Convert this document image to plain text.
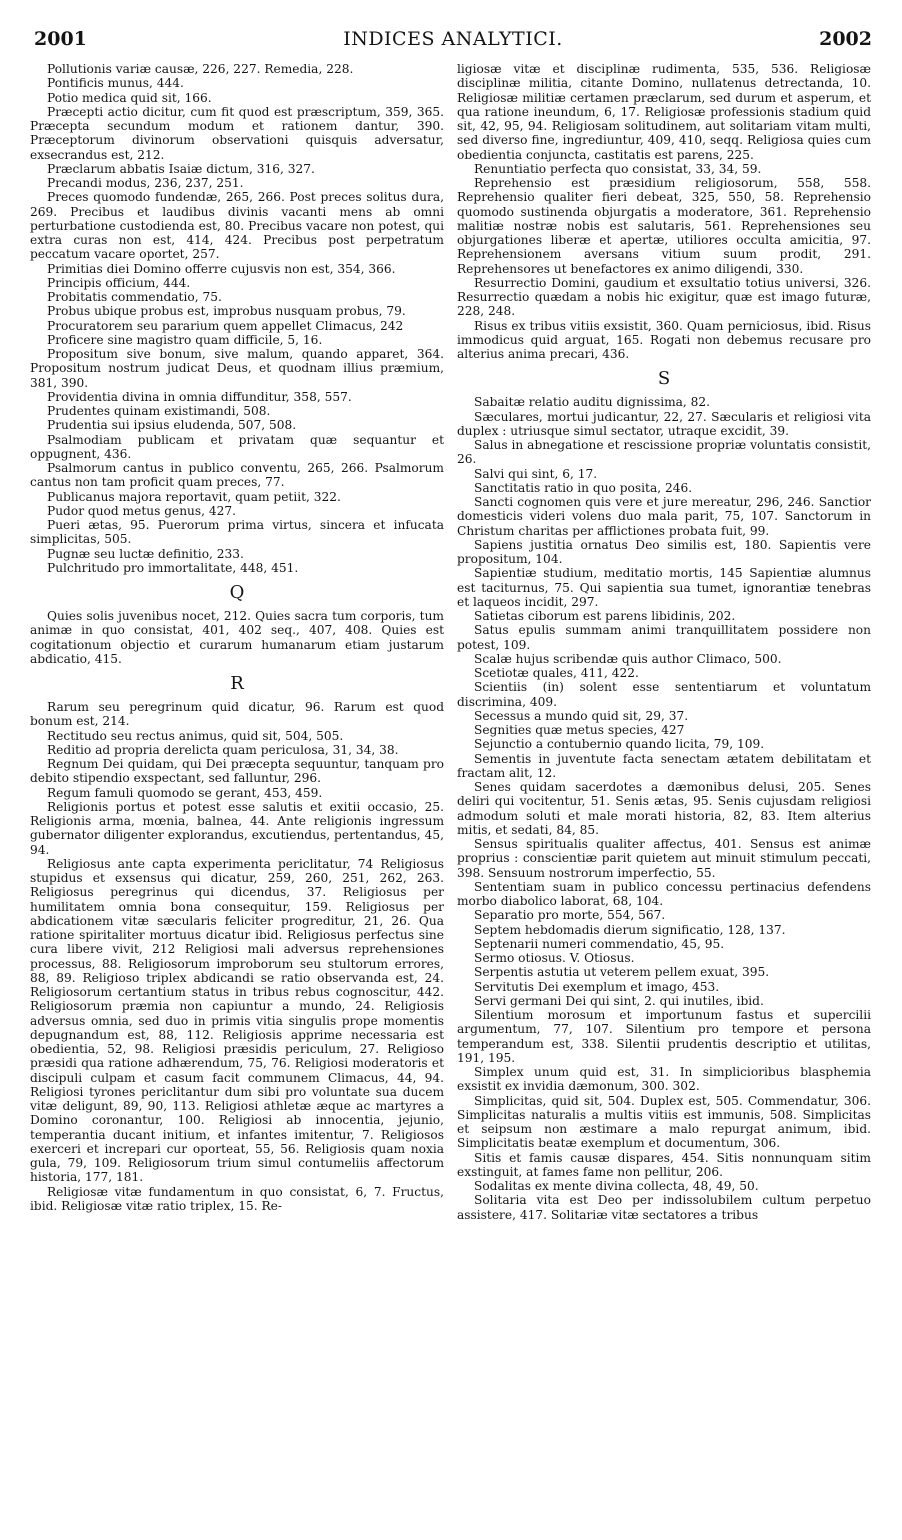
2001	INDICES ANALYTICI.	2002

Pollutionis variæ causæ, 226, 227. Remedia, 228.

Pontificis munus, 444.

Potio medica quid sit, 166.

Præcepti actio dicitur, cum fit quod est præscriptum, 359, 365. Præcepta secundum modum et rationem dantur, 390. Præceptorum divinorum observationi quisquis adversatur, exsecrandus est, 212.

Præclarum abbatis Isaiæ dictum, 316, 327.

Precandi modus, 236, 237, 251.

Preces quomodo fundendæ, 265, 266. Post preces solitus dura, 269. Precibus et laudibus divinis vacanti mens ab omni perturbatione custodienda est, 80. Precibus vacare non potest, qui extra curas non est, 414, 424. Precibus post perpetratum peccatum vacare oportet, 257.

Primitias diei Domino offerre cujusvis non est, 354, 366.

Principis officium, 444.

Probitatis commendatio, 75.

Probus ubique probus est, improbus nusquam probus, 79.

Procuratorem seu pararium quem appellet Climacus, 242

Proficere sine magistro quam difficile, 5, 16.

Propositum sive bonum, sive malum, quando apparet, 364. Propositum nostrum judicat Deus, et quodnam illius præmium, 381, 390.

Providentia divina in omnia diffunditur, 358, 557.

Prudentes quinam existimandi, 508.

Prudentia sui ipsius eludenda, 507, 508.

Psalmodiam publicam et privatam quæ sequantur et oppugnent, 436.

Psalmorum cantus in publico conventu, 265, 266. Psalmorum cantus non tam proficit quam preces, 77.

Publicanus majora reportavit, quam petiit, 322.

Pudor quod metus genus, 427.

Pueri ætas, 95. Puerorum prima virtus, sincera et infucata simplicitas, 505.

Pugnæ seu luctæ definitio, 233.

Pulchritudo pro immortalitate, 448, 451.

Q

Quies solis juvenibus nocet, 212. Quies sacra tum corporis, tum animæ in quo consistat, 401, 402 seq., 407, 408. Quies est cogitationum objectio et curarum humanarum etiam justarum abdicatio, 415.

R

Rarum seu peregrinum quid dicatur, 96. Rarum est quod bonum est, 214.

Rectitudo seu rectus animus, quid sit, 504, 505.

Reditio ad propria derelicta quam periculosa, 31, 34, 38.

Regnum Dei quidam, qui Dei præcepta sequuntur, tanquam pro debito stipendio exspectant, sed falluntur, 296.

Regum famuli quomodo se gerant, 453, 459.

Religionis portus et potest esse salutis et exitii occasio, 25. Religionis arma, mœnia, balnea, 44. Ante religionis ingressum gubernator diligenter explorandus, excutiendus, pertentandus, 45, 94.

Religiosus ante capta experimenta periclitatur, 74 Religiosus stupidus et exsensus qui dicatur, 259, 260, 251, 262, 263. Religiosus peregrinus qui dicendus, 37. Religiosus per humilitatem omnia bona consequitur, 159. Religiosus per abdicationem vitæ sæcularis feliciter progreditur, 21, 26. Qua ratione spiritaliter mortuus dicatur ibid. Religiosus perfectus sine cura libere vivit, 212 Religiosi mali adversus reprehensiones processus, 88. Religiosorum improborum seu stultorum errores, 88, 89. Religioso triplex abdicandi se ratio observanda est, 24. Religiosorum certantium status in tribus rebus cognoscitur, 442. Religiosorum præmia non capiuntur a mundo, 24. Religiosis adversus omnia, sed duo in primis vitia singulis prope momentis depugnandum est, 88, 112. Religiosis apprime necessaria est obedientia, 52, 98. Religiosi præsidis periculum, 27. Religioso præsidi qua ratione adhærendum, 75, 76. Religiosi moderatoris et discipuli culpam et casum facit communem Climacus, 44, 94. Religiosi tyrones periclitantur dum sibi pro voluntate sua ducem vitæ deligunt, 89, 90, 113. Religiosi athletæ æque ac martyres a Domino coronantur, 100. Religiosi ab innocentia, jejunio, temperantia ducant initium, et infantes imitentur, 7. Religiosos exerceri et increpari cur oporteat, 55, 56. Religiosis quam noxia gula, 79, 109. Religiosorum trium simul contumeliis affectorum historia, 177, 181.

Religiosæ vitæ fundamentum in quo consistat, 6, 7. Fructus, ibid. Religiosæ vitæ ratio triplex, 15. Re-

ligiosæ vitæ et disciplinæ rudimenta, 535, 536. Religiosæ disciplinæ militia, citante Domino, nullatenus detrectanda, 10. Religiosæ militiæ certamen præclarum, sed durum et asperum, et qua ratione ineundum, 6, 17. Religiosæ professionis stadium quid sit, 42, 95, 94. Religiosam solitudinem, aut solitariam vitam multi, sed diverso fine, ingrediuntur, 409, 410, seqq. Religiosa quies cum obedientia conjuncta, castitatis est parens, 225.

Renuntiatio perfecta quo consistat, 33, 34, 59.

Reprehensio est præsidium religiosorum, 558, 558. Reprehensio qualiter fieri debeat, 325, 550, 58. Reprehensio quomodo sustinenda objurgatis a moderatore, 361. Reprehensio malitiæ nostræ nobis est salutaris, 561. Reprehensiones seu objurgationes liberæ et apertæ, utiliores occulta amicitia, 97. Reprehensionem aversans vitium suum prodit, 291. Reprehensores ut benefactores ex animo diligendi, 330.

Resurrectio Domini, gaudium et exsultatio totius universi, 326. Resurrectio quædam a nobis hic exigitur, quæ est imago futuræ, 228, 248.

Risus ex tribus vitiis exsistit, 360. Quam perniciosus, ibid. Risus immodicus quid arguat, 165. Rogati non debemus recusare pro alterius anima precari, 436.

S

Sabaitæ relatio auditu dignissima, 82.

Sæculares, mortui judicantur, 22, 27. Sæcularis et religiosi vita duplex : utriusque simul sectator, utraque excidit, 39.

Salus in abnegatione et rescissione propriæ voluntatis consistit, 26.

Salvi qui sint, 6, 17.

Sanctitatis ratio in quo posita, 246.

Sancti cognomen quis vere et jure mereatur, 296, 246. Sanctior domesticis videri volens duo mala parit, 75, 107. Sanctorum in Christum charitas per afflictiones probata fuit, 99.

Sapiens justitia ornatus Deo similis est, 180. Sapientis vere propositum, 104.

Sapientiæ studium, meditatio mortis, 145 Sapientiæ alumnus est taciturnus, 75. Qui sapientia sua tumet, ignorantiæ tenebras et laqueos incidit, 297.

Satietas ciborum est parens libidinis, 202.

Satus epulis summam animi tranquillitatem possidere non potest, 109.

Scalæ hujus scribendæ quis author Climaco, 500.

Scetiotæ quales, 411, 422.

Scientiis (in) solent esse sententiarum et voluntatum discrimina, 409.

Secessus a mundo quid sit, 29, 37.

Segnities quæ metus species, 427

Sejunctio a contubernio quando licita, 79, 109.

Sementis in juventute facta senectam ætatem debilitatam et fractam alit, 12.

Senes quidam sacerdotes a dæmonibus delusi, 205. Senes deliri qui vocitentur, 51. Senis ætas, 95. Senis cujusdam religiosi admodum soluti et male morati historia, 82, 83. Item alterius mitis, et sedati, 84, 85.

Sensus spiritualis qualiter affectus, 401. Sensus est animæ proprius : conscientiæ parit quietem aut minuit stimulum peccati, 398. Sensuum nostrorum imperfectio, 55.

Sententiam suam in publico concessu pertinacius defendens morbo diabolico laborat, 68, 104.

Separatio pro morte, 554, 567.

Septem hebdomadis dierum significatio, 128, 137.

Septenarii numeri commendatio, 45, 95.

Sermo otiosus. V. Otiosus.

Serpentis astutia ut veterem pellem exuat, 395.

Servitutis Dei exemplum et imago, 453.

Servi germani Dei qui sint, 2. qui inutiles, ibid.

Silentium morosum et importunum fastus et supercilii argumentum, 77, 107. Silentium pro tempore et persona temperandum est, 338. Silentii prudentis descriptio et utilitas, 191, 195.

Simplex unum quid est, 31. In simplicioribus blasphemia exsistit ex invidia dæmonum, 300. 302.

Simplicitas, quid sit, 504. Duplex est, 505. Commendatur, 306. Simplicitas naturalis a multis vitiis est immunis, 508. Simplicitas et seipsum non æstimare a malo repurgat animum, ibid. Simplicitatis beatæ exemplum et documentum, 306.

Sitis et famis causæ dispares, 454. Sitis nonnunquam sitim exstinguit, at fames fame non pellitur, 206.

Sodalitas ex mente divina collecta, 48, 49, 50.

Solitaria vita est Deo per indissolubilem cultum perpetuo assistere, 417. Solitariæ vitæ sectatores a tribus
